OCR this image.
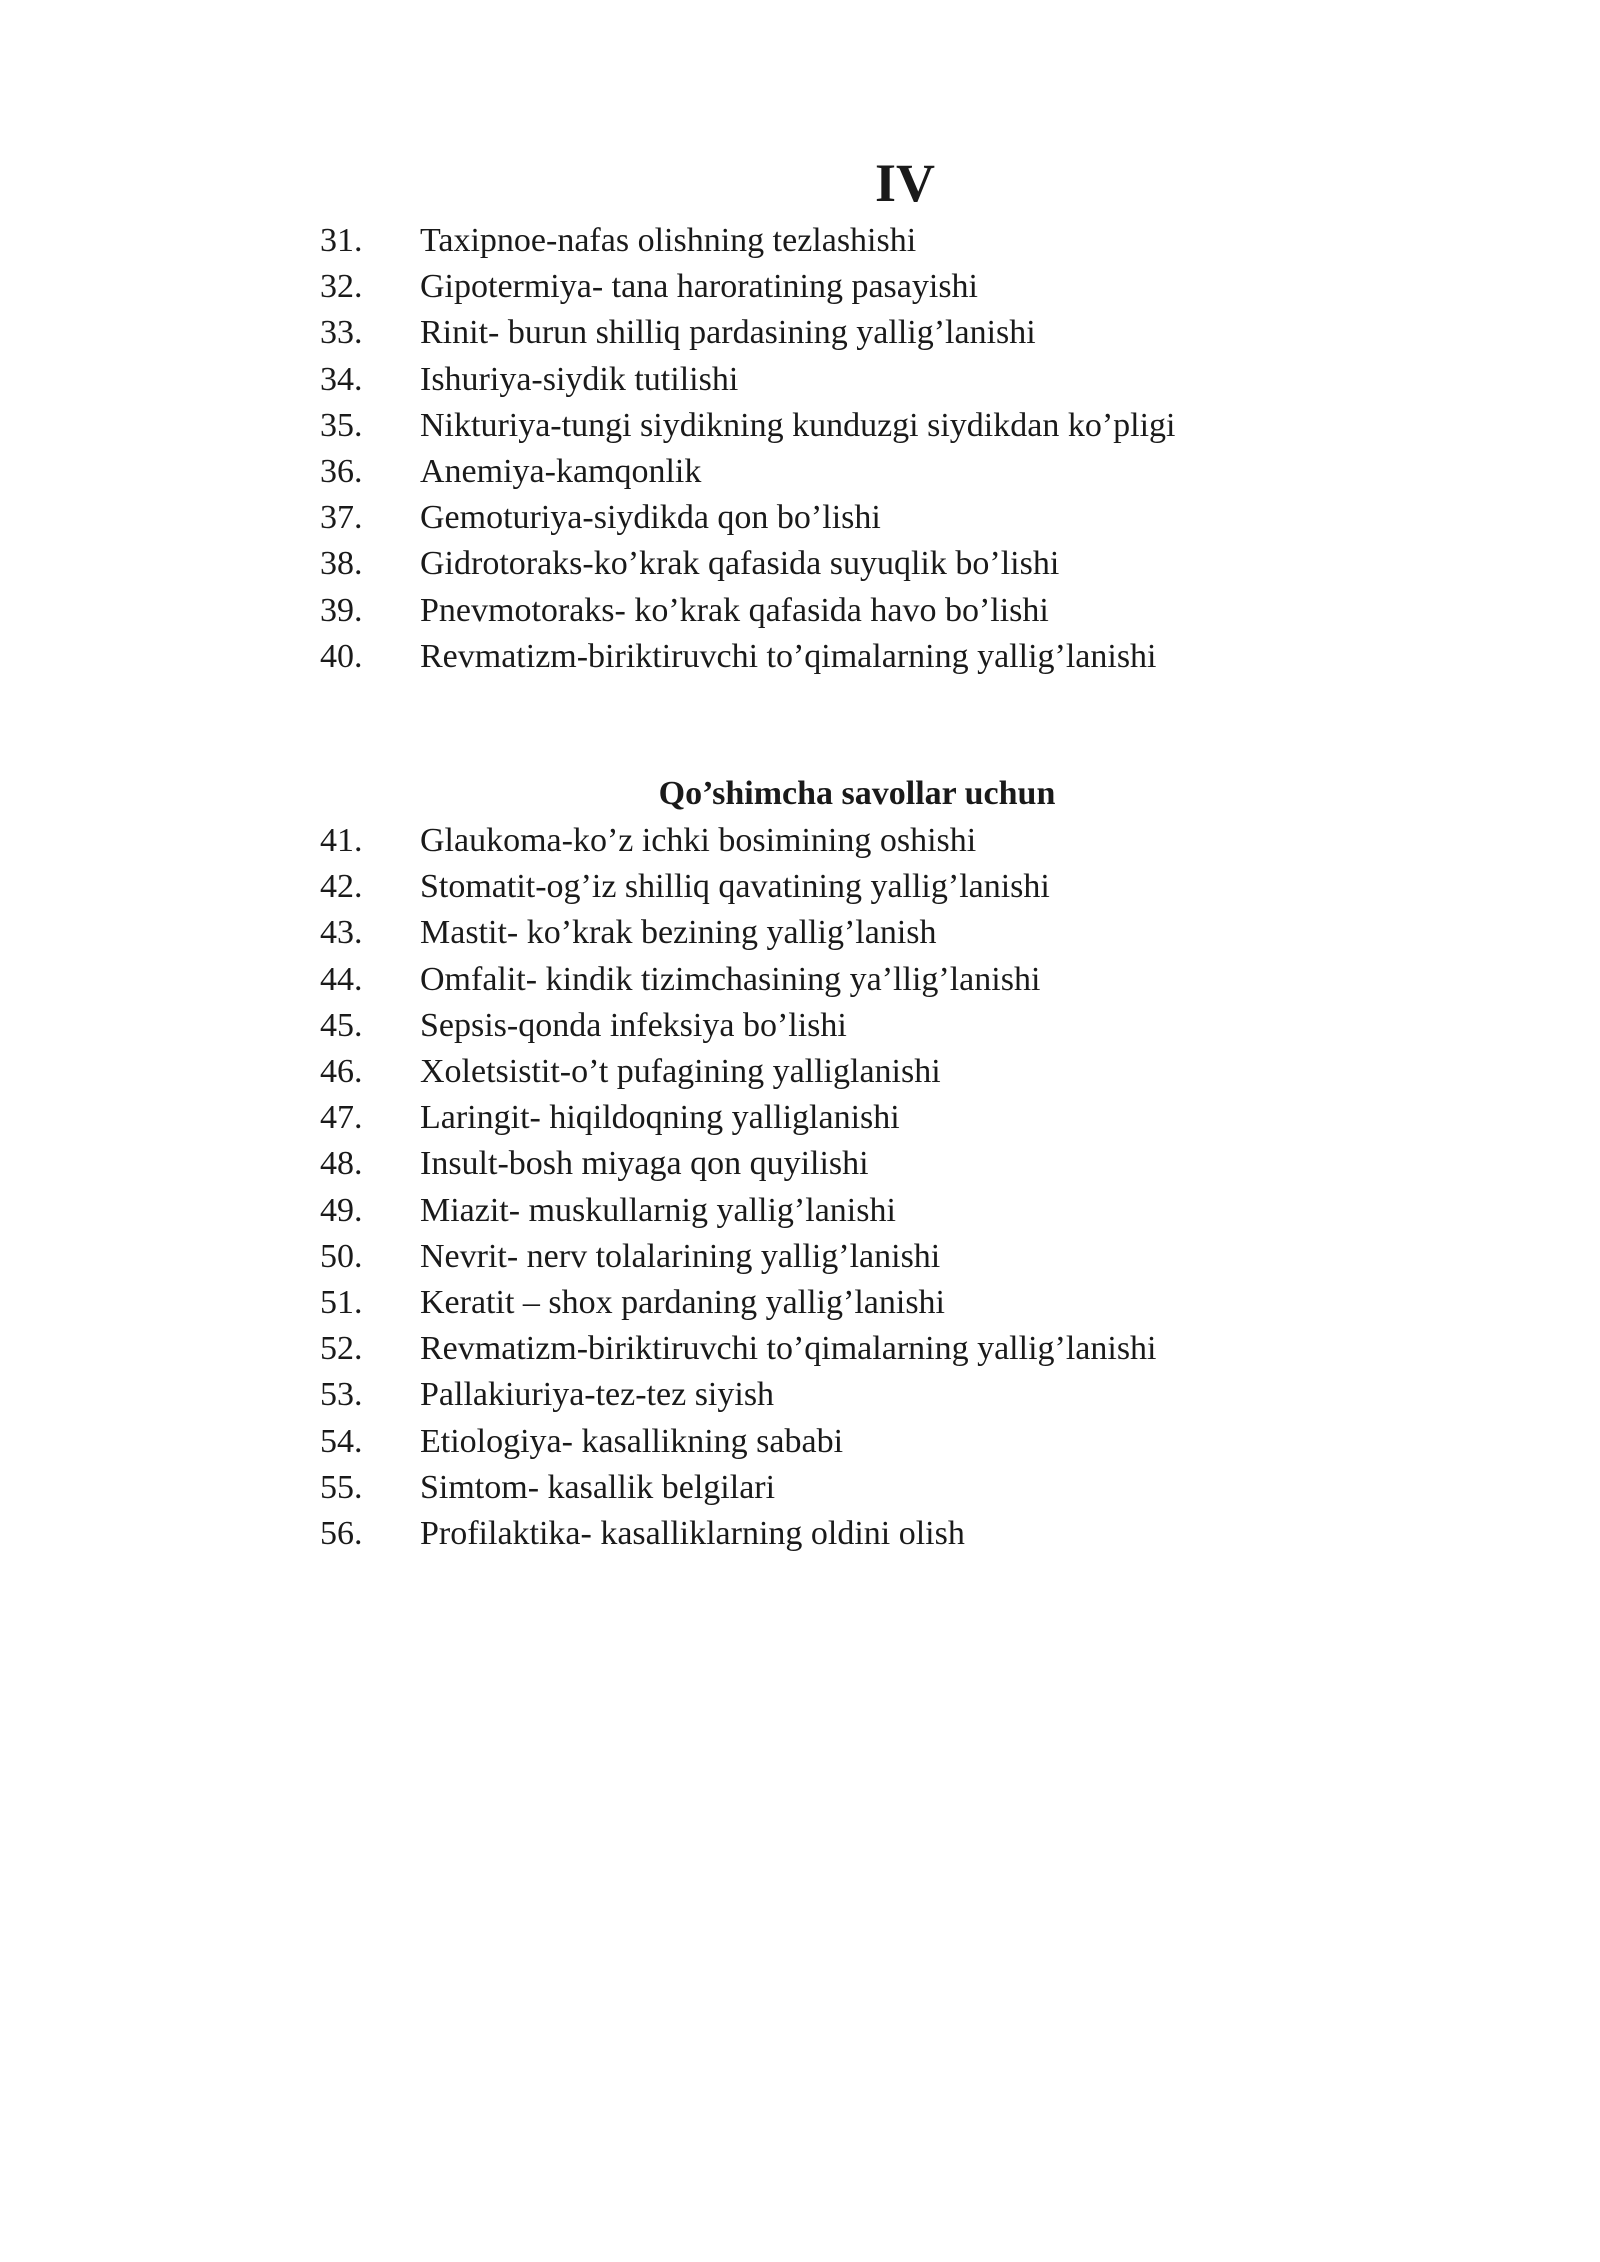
IV
31.	Taxipnoe-nafas olishning tezlashishi
32.	Gipotermiya- tana haroratining pasayishi
33.	Rinit- burun shilliq pardasining yallig’lanishi
34.	Ishuriya-siydik tutilishi
35.	Nikturiya-tungi siydikning kunduzgi siydikdan ko’pligi
36.	Anemiya-kamqonlik
37.	Gemoturiya-siydikda qon bo’lishi
38.	Gidrotoraks-ko’krak qafasida suyuqlik bo’lishi
39.	Pnevmotoraks- ko’krak qafasida havo bo’lishi
40.	Revmatizm-biriktiruvchi to’qimalarning yallig’lanishi
Qo’shimcha savollar uchun
41.	Glaukoma-ko’z ichki bosimining oshishi
42.	Stomatit-og’iz shilliq qavatining yallig’lanishi
43.	Mastit- ko’krak bezining yallig’lanish
44.	Omfalit- kindik tizimchasining ya’llig’lanishi
45.	Sepsis-qonda infeksiya bo’lishi
46.	Xoletsistit-o’t pufagining yalliglanishi
47.	Laringit- hiqildoqning yalliglanishi
48.	Insult-bosh miyaga qon quyilishi
49.	Miazit- muskullarnig yallig’lanishi
50.	Nevrit- nerv tolalarining yallig’lanishi
51.	Keratit – shox pardaning yallig’lanishi
52.	Revmatizm-biriktiruvchi to’qimalarning yallig’lanishi
53.	Pallakiuriya-tez-tez siyish
54.	Etiologiya- kasallikning sababi
55.	Simtom- kasallik belgilari
56.	Profilaktika- kasalliklarning oldini olish
